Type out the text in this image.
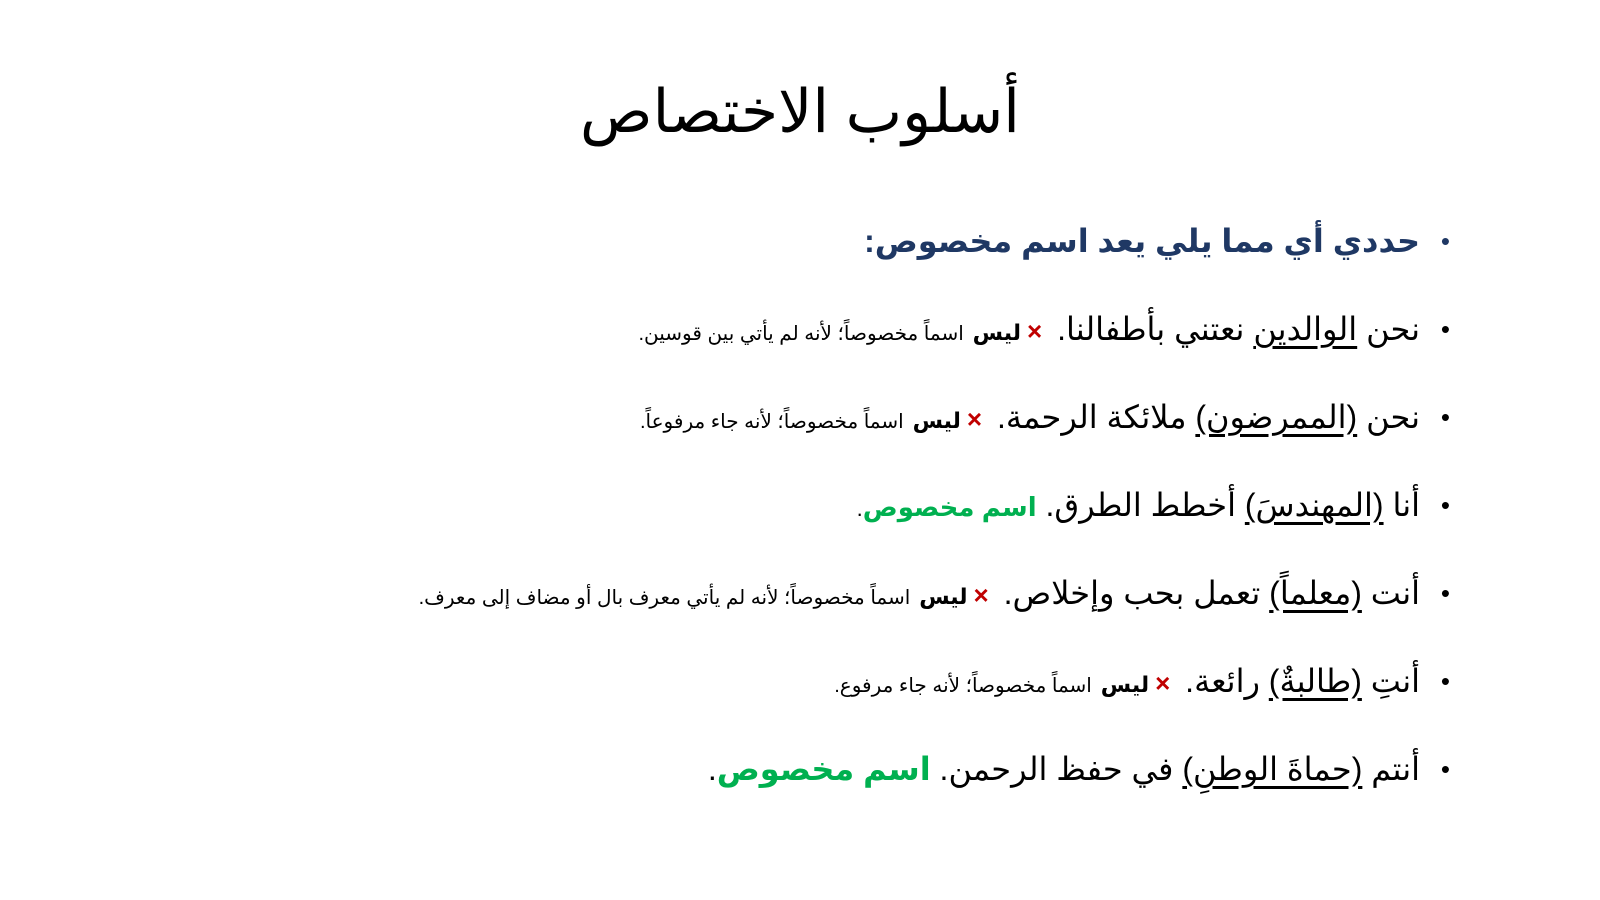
أسلوب الاختصاص
•
حددي أي مما يلي يعد اسم مخصوص:
•
نحن الوالدين نعتني بأطفالنا. ×ليس اسماً مخصوصاً؛ لأنه لم يأتي بين قوسين.
•
نحن (الممرضون) ملائكة الرحمة. ×ليس اسماً مخصوصاً؛ لأنه جاء مرفوعاً.
•
أنا (المهندسَ) أخطط الطرق. اسم مخصوص.
•
أنت (معلماً) تعمل بحب وإخلاص. ×ليس اسماً مخصوصاً؛ لأنه لم يأتي معرف بال أو مضاف إلى معرف.
•
أنتِ (طالبةٌ) رائعة. ×ليس اسماً مخصوصاً؛ لأنه جاء مرفوع.
•
أنتم (حماةَ الوطنِ) في حفظ الرحمن. اسم مخصوص.
